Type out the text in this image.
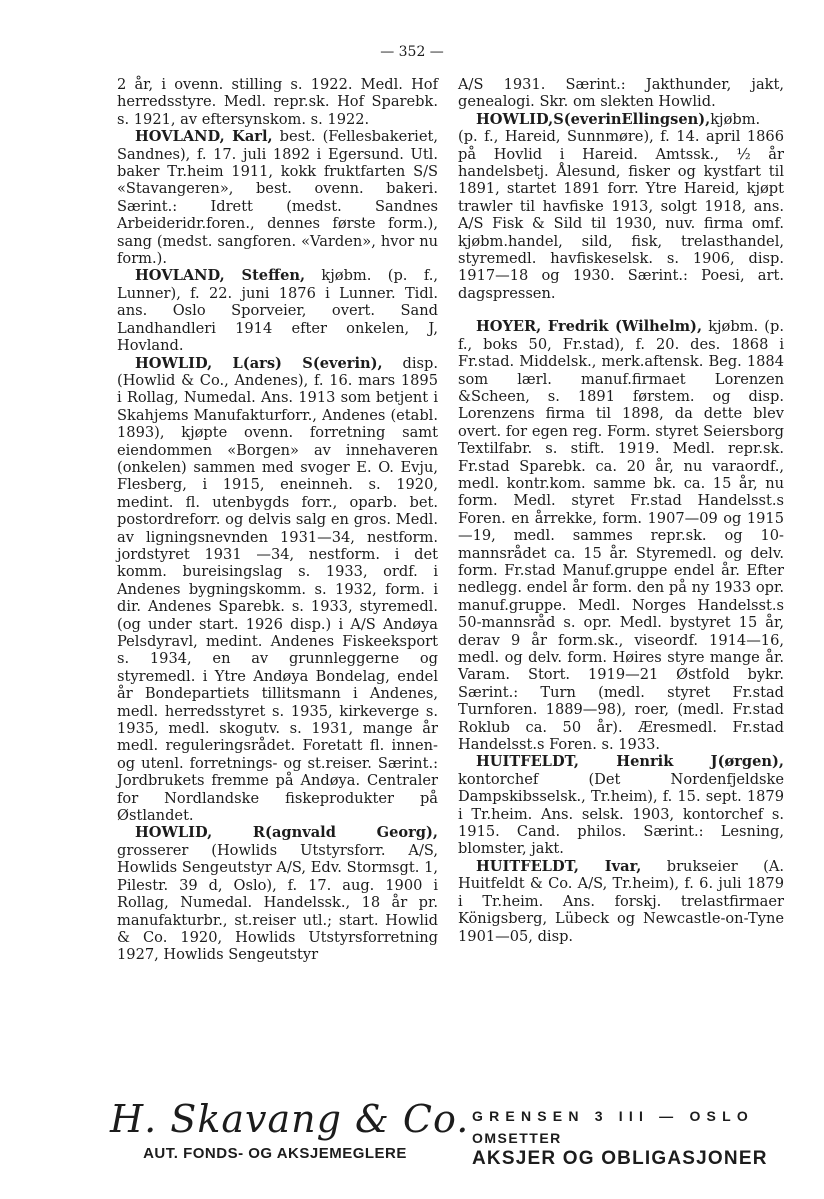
— 352 —

2 år, i ovenn. stilling s. 1922. Medl. Hof herredsstyre. Medl. repr.sk. Hof Sparebk. s. 1921, av eftersynskom. s. 1922.

HOVLAND, Karl, best. (Fellesbakeriet, Sandnes), f. 17. juli 1892 i Egersund. Utl. baker Tr.heim 1911, kokk fruktfarten S/S «Stavangeren», best. ovenn. bakeri. Særint.: Idrett (medst. Sandnes Arbeideridr.foren., dennes første form.), sang (medst. sangforen. «Varden», hvor nu form.).

HOVLAND, Steffen, kjøbm. (p. f., Lunner), f. 22. juni 1876 i Lunner. Tidl. ans. Oslo Sporveier, overt. Sand Landhandleri 1914 efter onkelen, J, Hovland.

HOWLID, L(ars) S(everin), disp. (Howlid & Co., Andenes), f. 16. mars 1895 i Rollag, Numedal. Ans. 1913 som betjent i Skahjems Manufakturforr., Andenes (etabl. 1893), kjøpte ovenn. forretning samt eiendommen «Borgen» av innehaveren (onkelen) sammen med svoger E. O. Evju, Flesberg, i 1915, eneinneh. s. 1920, medint. fl. utenbygds forr., oparb. bet. postordreforr. og delvis salg en gros. Medl. av ligningsnevnden 1931—34, nestform. jordstyret 1931 —34, nestform. i det komm. bureisingslag s. 1933, ordf. i Andenes bygningskomm. s. 1932, form. i dir. Andenes Sparebk. s. 1933, styremedl. (og under start. 1926 disp.) i A/S Andøya Pelsdyravl, medint. Andenes Fiskeeksport s. 1934, en av grunnleggerne og styremedl. i Ytre Andøya Bondelag, endel år Bondepartiets tillitsmann i Andenes, medl. herredsstyret s. 1935, kirkeverge s. 1935, medl. skogutv. s. 1931, mange år medl. reguleringsrådet. Foretatt fl. innen- og utenl. forretnings- og st.reiser. Særint.: Jordbrukets fremme på Andøya. Centraler for Nordlandske fiskeprodukter på Østlandet.

HOWLID, R(agnvald Georg), grosserer (Howlids Utstyrsforr. A/S, Howlids Sengeutstyr A/S, Edv. Stormsgt. 1, Pilestr. 39 d, Oslo), f. 17. aug. 1900 i Rollag, Numedal. Handelssk., 18 år pr. manufakturbr., st.reiser utl.; start. Howlid & Co. 1920, Howlids Utstyrsforretning 1927, Howlids Sengeutstyr

A/S 1931. Særint.: Jakthunder, jakt, genealogi. Skr. om slekten Howlid.

HOWLID,S(everinEllingsen),kjøbm. (p. f., Hareid, Sunnmøre), f. 14. april 1866 på Hovlid i Hareid. Amtssk., ½ år handelsbetj. Ålesund, fisker og kystfart til 1891, startet 1891 forr. Ytre Hareid, kjøpt trawler til havfiske 1913, solgt 1918, ans. A/S Fisk & Sild til 1930, nuv. firma omf. kjøbm.handel, sild, fisk, trelasthandel, styremedl. havfiskeselsk. s. 1906, disp. 1917—18 og 1930. Særint.: Poesi, art. dagspressen.

HOYER, Fredrik (Wilhelm), kjøbm. (p. f., boks 50, Fr.stad), f. 20. des. 1868 i Fr.stad. Middelsk., merk.aftensk. Beg. 1884 som lærl. manuf.firmaet Lorenzen &Scheen, s. 1891 førstem. og disp. Lorenzens firma til 1898, da dette blev overt. for egen reg. Form. styret Seiersborg Textilfabr. s. stift. 1919. Medl. repr.sk. Fr.stad Sparebk. ca. 20 år, nu varaordf., medl. kontr.kom. samme bk. ca. 15 år, nu form. Medl. styret Fr.stad Handelsst.s Foren. en årrekke, form. 1907—09 og 1915—19, medl. sammes repr.sk. og 10-mannsrådet ca. 15 år. Styremedl. og delv. form. Fr.stad Manuf.gruppe endel år. Efter nedlegg. endel år form. den på ny 1933 opr. manuf.gruppe. Medl. Norges Handelsst.s 50-mannsråd s. opr. Medl. bystyret 15 år, derav 9 år form.sk., viseordf. 1914—16, medl. og delv. form. Høires styre mange år. Varam. Stort. 1919—21 Østfold bykr. Særint.: Turn (medl. styret Fr.stad Turnforen. 1889—98), roer, (medl. Fr.stad Roklub ca. 50 år). Æresmedl. Fr.stad Handelsst.s Foren. s. 1933.

HUITFELDT, Henrik J(ørgen), kontorchef (Det Nordenfjeldske Dampskibsselsk., Tr.heim), f. 15. sept. 1879 i Tr.heim. Ans. selsk. 1903, kontorchef s. 1915. Cand. philos. Særint.: Lesning, blomster, jakt.

HUITFELDT, Ivar, brukseier (A. Huitfeldt & Co. A/S, Tr.heim), f. 6. juli 1879 i Tr.heim. Ans. forskj. trelastfirmaer Königsberg, Lübeck og Newcastle-on-Tyne 1901—05, disp.

H. Skavang & Co.
AUT. FONDS- OG AKSJEMEGLERE
GRENSEN 3 III — OSLO
OMSETTER
AKSJER OG OBLIGASJONER
